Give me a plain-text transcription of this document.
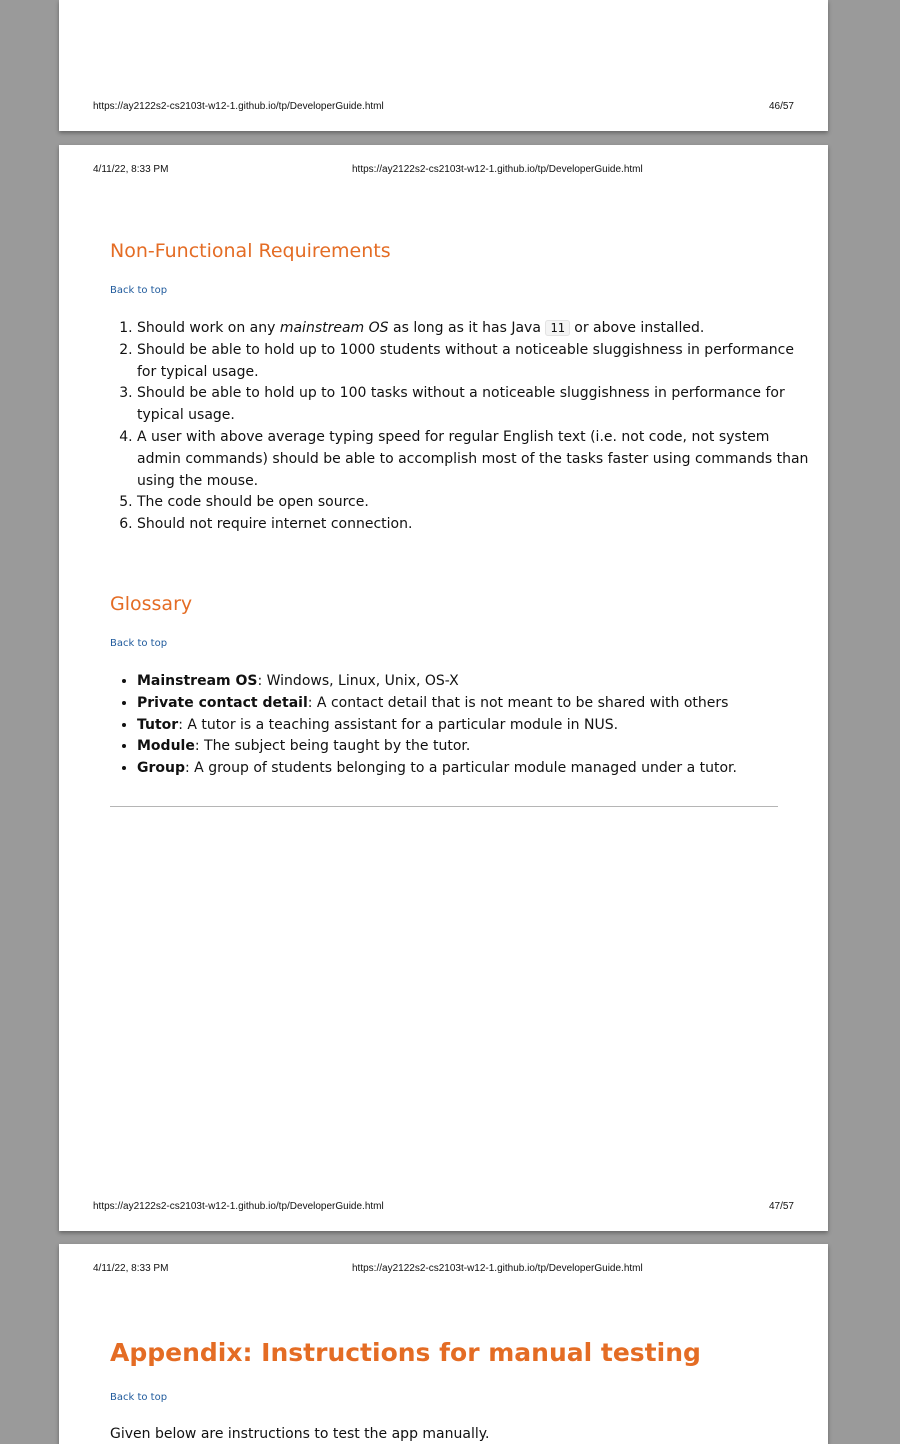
https://ay2122s2-cs2103t-w12-1.github.io/tp/DeveloperGuide.html	46/57
4/11/22, 8:33 PM	https://ay2122s2-cs2103t-w12-1.github.io/tp/DeveloperGuide.html
Non-Functional Requirements
Back to top
1. Should work on any mainstream OS as long as it has Java 11 or above installed.
2. Should be able to hold up to 1000 students without a noticeable sluggishness in performance for typical usage.
3. Should be able to hold up to 100 tasks without a noticeable sluggishness in performance for typical usage.
4. A user with above average typing speed for regular English text (i.e. not code, not system admin commands) should be able to accomplish most of the tasks faster using commands than using the mouse.
5. The code should be open source.
6. Should not require internet connection.
Glossary
Back to top
• Mainstream OS: Windows, Linux, Unix, OS-X
• Private contact detail: A contact detail that is not meant to be shared with others
• Tutor: A tutor is a teaching assistant for a particular module in NUS.
• Module: The subject being taught by the tutor.
• Group: A group of students belonging to a particular module managed under a tutor.
https://ay2122s2-cs2103t-w12-1.github.io/tp/DeveloperGuide.html	47/57
4/11/22, 8:33 PM	https://ay2122s2-cs2103t-w12-1.github.io/tp/DeveloperGuide.html
Appendix: Instructions for manual testing
Back to top
Given below are instructions to test the app manually.
